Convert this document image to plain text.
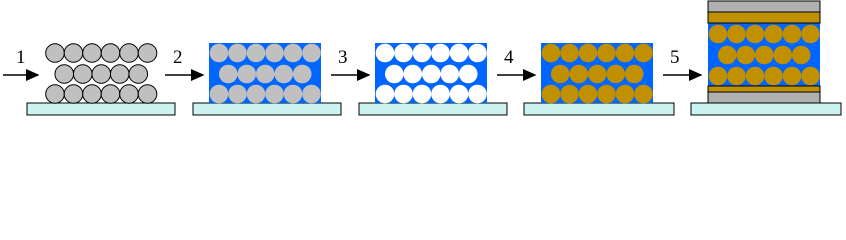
1	2	3	4	5
